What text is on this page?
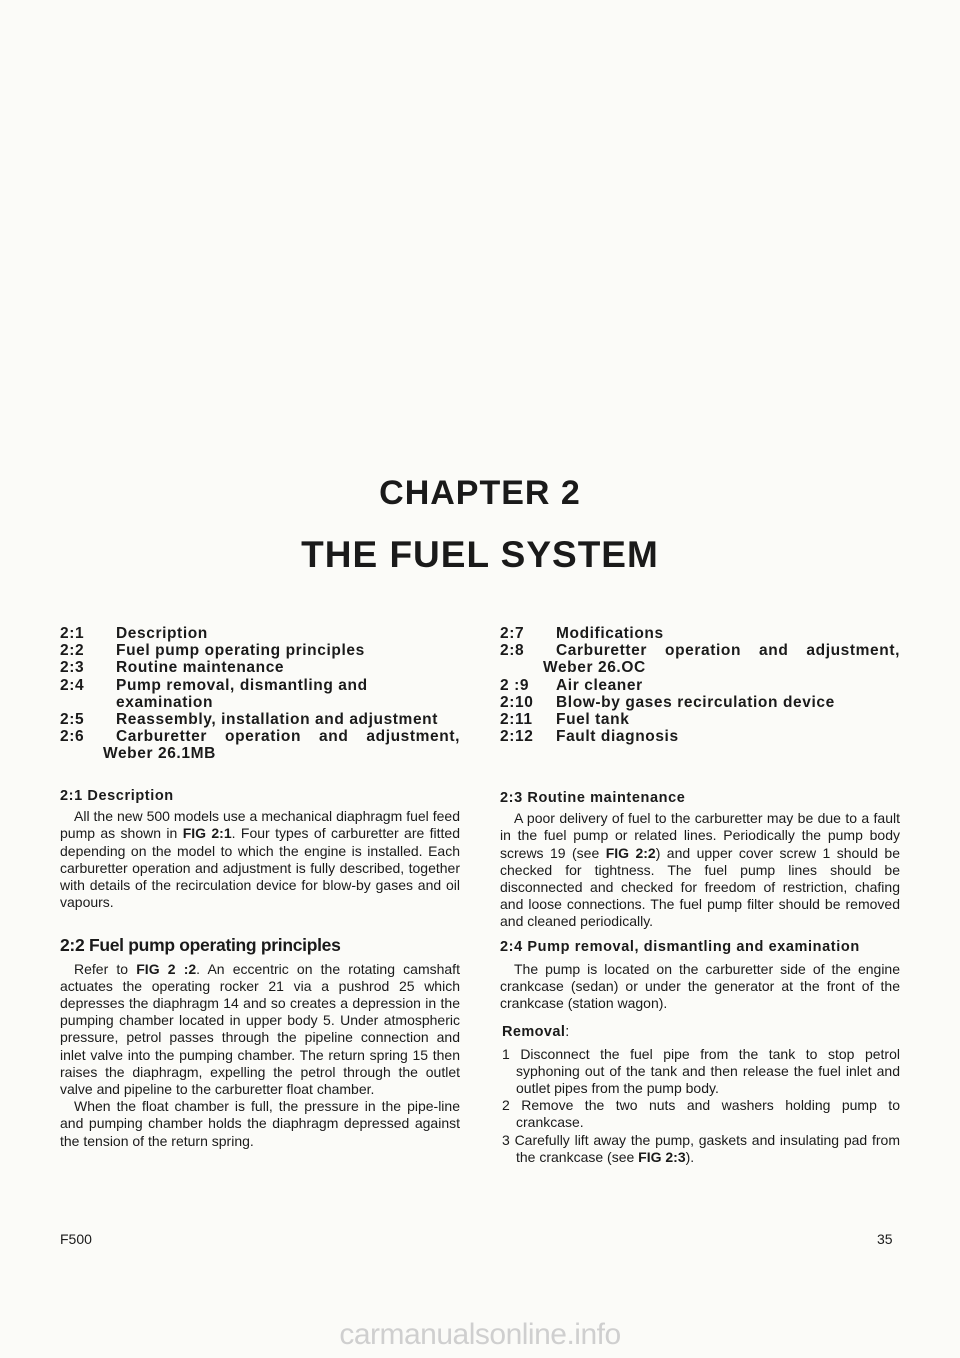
CHAPTER 2
THE FUEL SYSTEM
2:1	Description
2:2	Fuel pump operating principles
2:3	Routine maintenance
2:4	Pump removal, dismantling and examination
2:5	Reassembly, installation and adjustment
2:6	Carburetter operation and adjustment,
Weber 26.1MB
2:7	Modifications
2:8	Carburetter operation and adjustment,
Weber 26.OC
2 :9	Air cleaner
2:10	Blow-by gases recirculation device
2:11	Fuel tank
2:12	Fault diagnosis
2:1 Description

All the new 500 models use a mechanical diaphragm fuel feed pump as shown in FIG 2:1. Four types of carburetter are fitted depending on the model to which the engine is installed. Each carburetter operation and adjustment is fully described, together with details of the recirculation device for blow-by gases and oil vapours.

2:2 Fuel pump operating principles

Refer to FIG 2 :2. An eccentric on the rotating camshaft actuates the operating rocker 21 via a pushrod 25 which depresses the diaphragm 14 and so creates a depression in the pumping chamber located in upper body 5. Under atmospheric pressure, petrol passes through the pipeline connection and inlet valve into the pumping chamber. The return spring 15 then raises the diaphragm, expelling the petrol through the outlet valve and pipeline to the carburetter float chamber.

When the float chamber is full, the pressure in the pipe-line and pumping chamber holds the diaphragm depressed against the tension of the return spring.

2:3 Routine maintenance

A poor delivery of fuel to the carburetter may be due to a fault in the fuel pump or related lines. Periodically the pump body screws 19 (see FIG 2:2) and upper cover screw 1 should be checked for tightness. The fuel pump lines should be disconnected and checked for freedom of restriction, chafing and loose connections. The fuel pump filter should be removed and cleaned periodically.

2:4 Pump removal, dismantling and examination

The pump is located on the carburetter side of the engine crankcase (sedan) or under the generator at the front of the crankcase (station wagon).

Removal:

1 Disconnect the fuel pipe from the tank to stop petrol syphoning out of the tank and then release the fuel inlet and outlet pipes from the pump body.

2 Remove the two nuts and washers holding pump to crankcase.

3 Carefully lift away the pump, gaskets and insulating pad from the crankcase (see FIG 2:3).

F500	35
carmanualsonline.info
